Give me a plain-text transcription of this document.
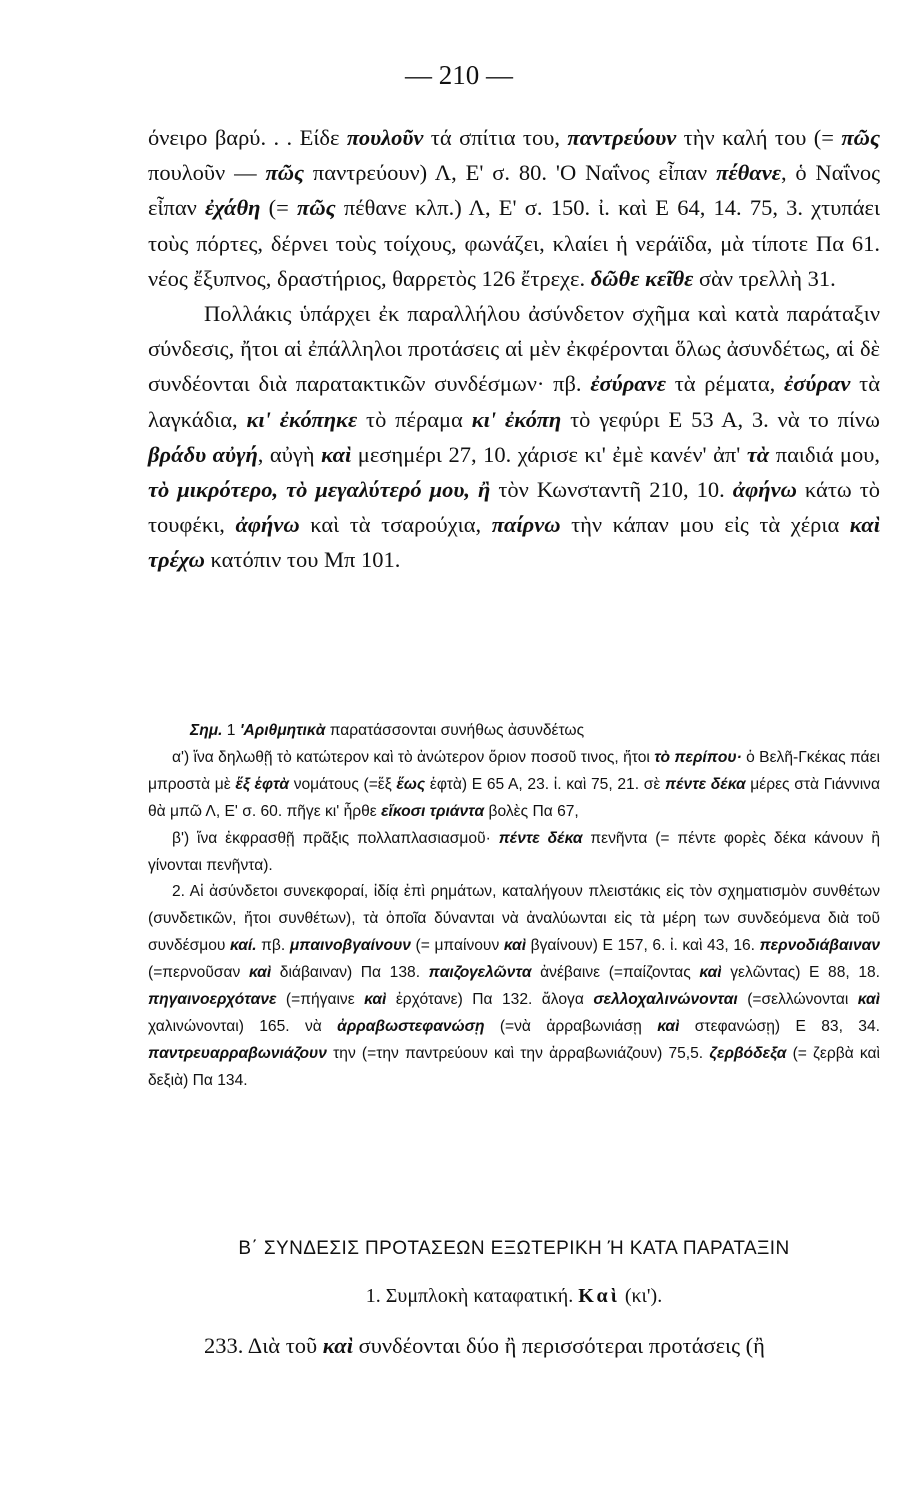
— 210 —

όνειρο βαρύ. . . Είδε πουλοῦν τά σπίτια του, παντρεύουν τὴν καλή του (= πῶς πουλοῦν — πῶς παντρεύουν) Λ, Ε' σ. 80. 'Ο Ναΐνος εἶπαν πέθανε, ὁ Ναΐνος εἶπαν ἐχάθη (= πῶς πέθανε κλπ.) Λ, Ε' σ. 150. ἰ. καὶ Ε 64, 14. 75, 3. χτυπάει τοὺς πόρτες, δέρνει τοὺς τοίχους, φωνάζει, κλαίει ἡ νεράϊδα, μὰ τίποτε Πα 61. νέος ἔξυπνος, δραστήριος, θαρρετὸς 126 ἔτρεχε. δῶθε κεῖθε σὰν τρελλὴ 31.

Πολλάκις ὑπάρχει ἐκ παραλλήλου ἀσύνδετον σχῆμα καὶ κατὰ παράταξιν σύνδεσις, ἤτοι αἱ ἐπάλληλοι προτάσεις αἱ μὲν ἐκφέρονται ὅλως ἀσυνδέτως, αἱ δὲ συνδέονται διὰ παρατακτικῶν συνδέσμων· πβ. ἐσύρανε τὰ ρέματα, ἐσύραν τὰ λαγκάδια, κι' ἐκόπηκε τὸ πέραμα κι' ἐκόπη τὸ γεφύρι Ε 53 Α, 3. νὰ το πίνω βράδυ αὐγή, αὐγὴ καὶ μεσημέρι 27, 10. χάρισε κι' ἐμὲ κανέν' ἀπ' τὰ παιδιά μου, τὸ μικρότερο, τὸ μεγαλύτερό μου, ἢ τὸν Κωνσταντῆ 210, 10. ἀφήνω κάτω τὸ τουφέκι, ἀφήνω καὶ τὰ τσαρούχια, παίρνω τὴν κάπαν μου εἰς τὰ χέρια καὶ τρέχω κατόπιν του Μπ 101.

Σημ. 1 'Αριθμητικὰ παρατάσσονται συνήθως ἀσυνδέτως

α') ἵνα δηλωθῇ τὸ κατώτερον καὶ τὸ ἀνώτερον ὅριον ποσοῦ τινος, ἤτοι τὸ περίπου· ὁ Βελῆ-Γκέκας πάει μπροστὰ μὲ ἕξ ἑφτὰ νομάτους (=ἕξ ἕως ἑφτὰ) Ε 65 Α, 23. ἰ. καὶ 75, 21. σὲ πέντε δέκα μέρες στὰ Γιάννινα θὰ μπῶ Λ, Ε' σ. 60. πῆγε κι' ἦρθε εἴκοσι τριάντα βολὲς Πα 67,

β') ἵνα ἐκφρασθῇ πρᾶξις πολλαπλασιασμοῦ· πέντε δέκα πενῆντα (= πέντε φορὲς δέκα κάνουν ἢ γίνονται πενῆντα).

2. Αἱ ἀσύνδετοι συνεκφοραί, ἰδίᾳ ἐπὶ ρημάτων, καταλήγουν πλειστάκις εἰς τὸν σχηματισμὸν συνθέτων (συνδετικῶν, ἤτοι συνθέτων), τὰ ὁποῖα δύνανται νὰ ἀναλύωνται εἰς τὰ μέρη των συνδεόμενα διὰ τοῦ συνδέσμου καί. πβ. μπαινοβγαίνουν (= μπαίνουν καὶ βγαίνουν) Ε 157, 6. ἰ. καὶ 43, 16. περνοδιάβαιναν (=περνοῦσαν καὶ διάβαιναν) Πα 138. παιζογελῶντα ἀνέβαινε (=παίζοντας καὶ γελῶντας) Ε 88, 18. πηγαινοερχότανε (=πήγαινε καὶ ἐρχότανε) Πα 132. ἄλογα σελλοχαλινώνονται (=σελλώνονται καὶ χαλινώνονται) 165. νὰ ἀρραβωστεφανώσῃ (=νὰ ἀρραβωνιάσῃ καὶ στεφανώσῃ) Ε 83, 34. παντρευαρραβωνιάζουν την (=την παντρεύουν καὶ την ἀρραβωνιάζουν) 75,5. ζερβόδεξα (= ζερβὰ καὶ δεξιὰ) Πα 134.

Β΄ ΣΥΝΔΕΣΙΣ ΠΡΟΤΑΣΕΩΝ ΕΞΩΤΕΡΙΚΗ Ή ΚΑΤΑ ΠΑΡΑΤΑΞΙΝ
1. Συμπλοκὴ καταφατική. Καὶ (κι').
233. Διὰ τοῦ καὶ συνδέονται δύο ἢ περισσότεραι προτάσεις (ἢ
